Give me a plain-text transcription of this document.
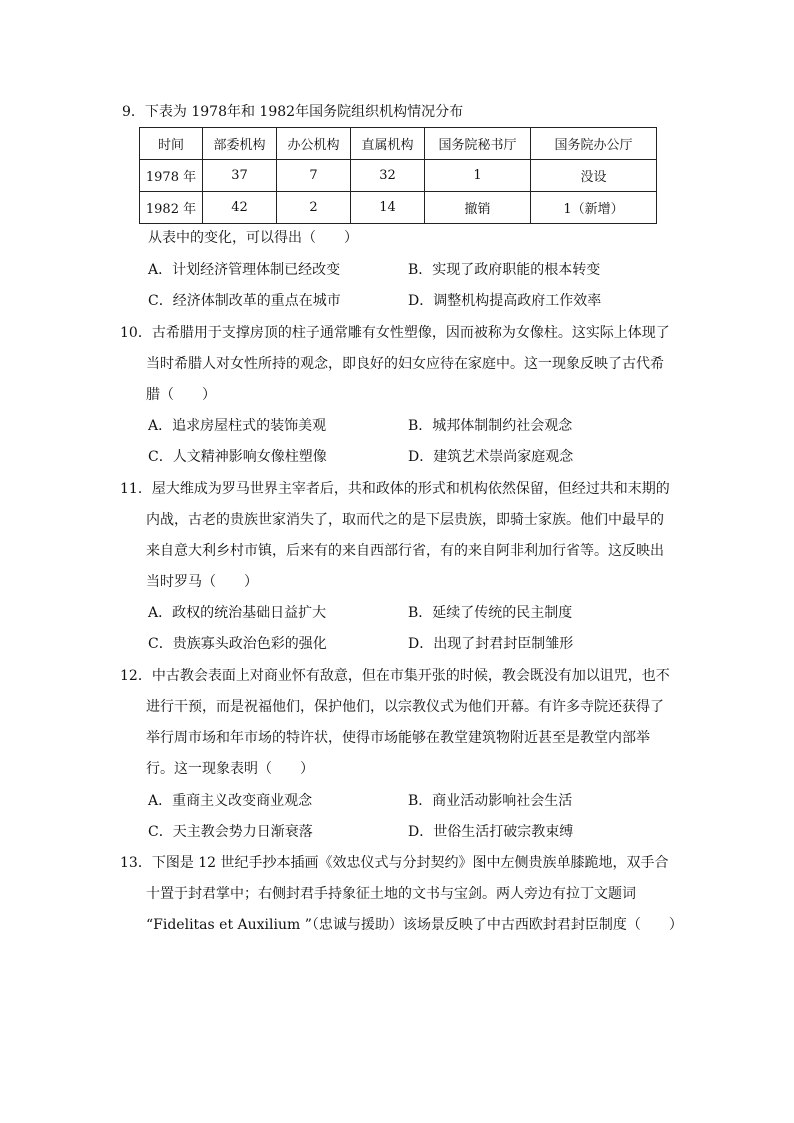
9．下表为 1978年和 1982年国务院组织机构情况分布
时间	部委机构	办公机构	直属机构	国务院秘书厅	国务院办公厅
1978 年	37	7	32	1	没设
1982 年	42	2	14	撤销	1（新增）
从表中的变化，可以得出（　　）
A．计划经济管理体制已经改变	B．实现了政府职能的根本转变
C．经济体制改革的重点在城市	D．调整机构提高政府工作效率
10．古希腊用于支撑房顶的柱子通常雕有女性塑像，因而被称为女像柱。这实际上体现了
当时希腊人对女性所持的观念，即良好的妇女应待在家庭中。这一现象反映了古代希
腊（　　）
A．追求房屋柱式的装饰美观	B．城邦体制制约社会观念
C．人文精神影响女像柱塑像	D．建筑艺术崇尚家庭观念
11．屋大维成为罗马世界主宰者后，共和政体的形式和机构依然保留，但经过共和末期的
内战，古老的贵族世家消失了，取而代之的是下层贵族，即骑士家族。他们中最早的
来自意大利乡村市镇，后来有的来自西部行省，有的来自阿非利加行省等。这反映出
当时罗马（　　）
A．政权的统治基础日益扩大	B．延续了传统的民主制度
C．贵族寡头政治色彩的强化	D．出现了封君封臣制雏形
12．中古教会表面上对商业怀有敌意，但在市集开张的时候，教会既没有加以诅咒，也不
进行干预，而是祝福他们，保护他们，以宗教仪式为他们开幕。有许多寺院还获得了
举行周市场和年市场的特许状，使得市场能够在教堂建筑物附近甚至是教堂内部举
行。这一现象表明（　　）
A．重商主义改变商业观念	B．商业活动影响社会生活
C．天主教会势力日渐衰落	D．世俗生活打破宗教束缚
13．下图是 12 世纪手抄本插画《效忠仪式与分封契约》图中左侧贵族单膝跪地，双手合
十置于封君掌中；右侧封君手持象征土地的文书与宝剑。两人旁边有拉丁文题词
“Fidelitas et Auxilium ”（忠诚与援助）该场景反映了中古西欧封君封臣制度（　　）
